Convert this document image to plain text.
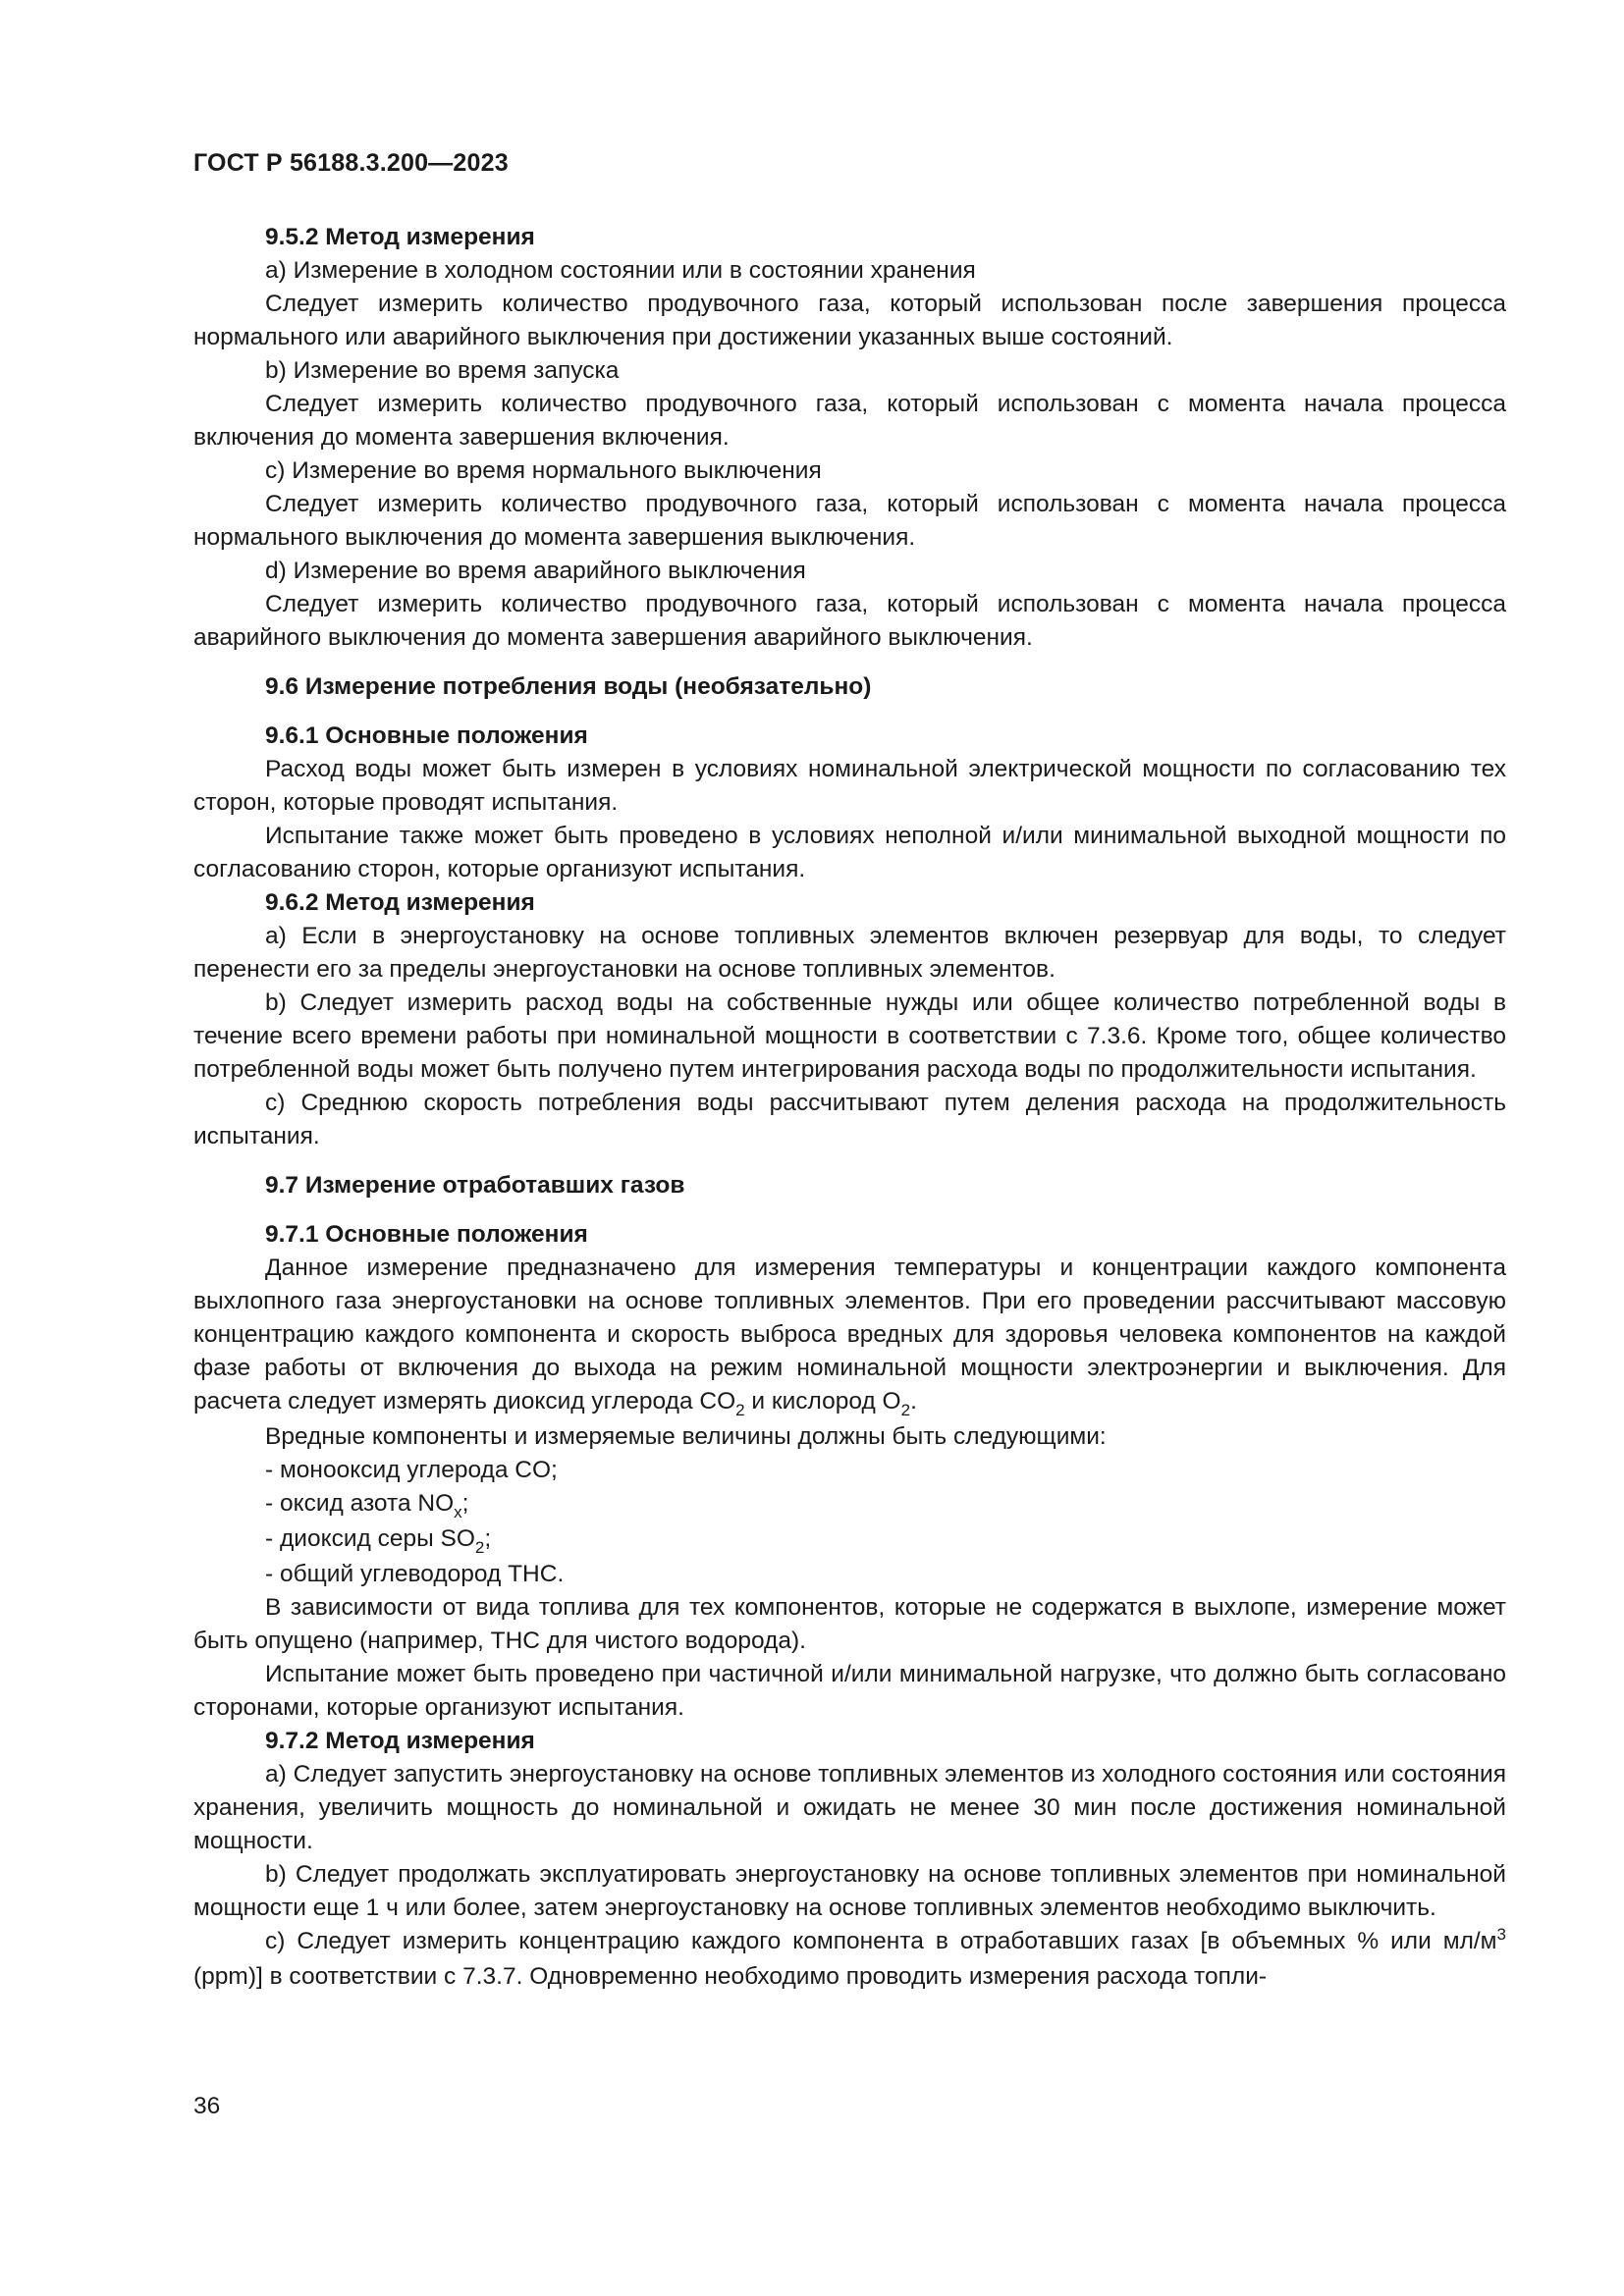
ГОСТ Р 56188.3.200—2023
9.5.2 Метод измерения

а) Измерение в холодном состоянии или в состоянии хранения

Следует измерить количество продувочного газа, который использован после завершения процесса нормального или аварийного выключения при достижении указанных выше состояний.

b) Измерение во время запуска

Следует измерить количество продувочного газа, который использован с момента начала процесса включения до момента завершения включения.

с) Измерение во время нормального выключения

Следует измерить количество продувочного газа, который использован с момента начала процесса нормального выключения до момента завершения выключения.

d) Измерение во время аварийного выключения

Следует измерить количество продувочного газа, который использован с момента начала процесса аварийного выключения до момента завершения аварийного выключения.

9.6 Измерение потребления воды (необязательно)
9.6.1 Основные положения

Расход воды может быть измерен в условиях номинальной электрической мощности по согласованию тех сторон, которые проводят испытания.

Испытание также может быть проведено в условиях неполной и/или минимальной выходной мощности по согласованию сторон, которые организуют испытания.

9.6.2 Метод измерения

а) Если в энергоустановку на основе топливных элементов включен резервуар для воды, то следует перенести его за пределы энергоустановки на основе топливных элементов.

b) Следует измерить расход воды на собственные нужды или общее количество потребленной воды в течение всего времени работы при номинальной мощности в соответствии с 7.3.6. Кроме того, общее количество потребленной воды может быть получено путем интегрирования расхода воды по продолжительности испытания.

с) Среднюю скорость потребления воды рассчитывают путем деления расхода на продолжительность испытания.

9.7 Измерение отработавших газов
9.7.1 Основные положения

Данное измерение предназначено для измерения температуры и концентрации каждого компонента выхлопного газа энергоустановки на основе топливных элементов. При его проведении рассчитывают массовую концентрацию каждого компонента и скорость выброса вредных для здоровья человека компонентов на каждой фазе работы от включения до выхода на режим номинальной мощности электроэнергии и выключения. Для расчета следует измерять диоксид углерода $CO_2$ и кислород $O_2$.

Вредные компоненты и измеряемые величины должны быть следующими:

- монооксид углерода CO;

- оксид азота $NO_x$;

- диоксид серы $SO_2$;

- общий углеводород THC.

В зависимости от вида топлива для тех компонентов, которые не содержатся в выхлопе, измерение может быть опущено (например, THC для чистого водорода).

Испытание может быть проведено при частичной и/или минимальной нагрузке, что должно быть согласовано сторонами, которые организуют испытания.

9.7.2 Метод измерения

а) Следует запустить энергоустановку на основе топливных элементов из холодного состояния или состояния хранения, увеличить мощность до номинальной и ожидать не менее 30 мин после достижения номинальной мощности.

b) Следует продолжать эксплуатировать энергоустановку на основе топливных элементов при номинальной мощности еще 1 ч или более, затем энергоустановку на основе топливных элементов необходимо выключить.

с) Следует измерить концентрацию каждого компонента в отработавших газах [в объемных % или $мл/м^3$ (ppm)] в соответствии с 7.3.7. Одновременно необходимо проводить измерения расхода топли-

36
